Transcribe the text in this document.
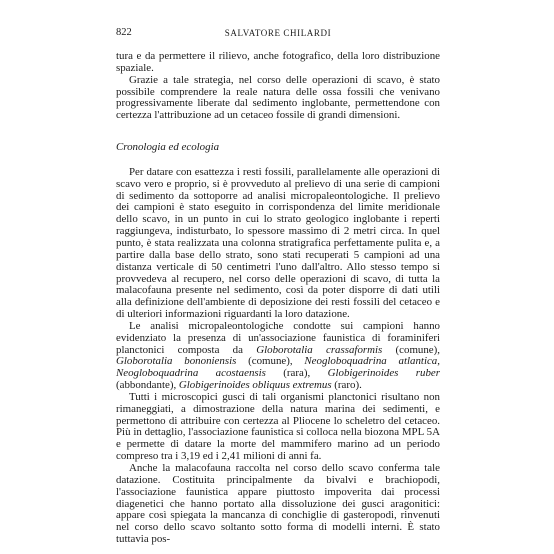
822	SALVATORE CHILARDI

tura e da permettere il rilievo, anche fotografico, della loro distribuzione spaziale.

Grazie a tale strategia, nel corso delle operazioni di scavo, è stato possibile comprendere la reale natura delle ossa fossili che venivano progressivamente liberate dal sedimento inglobante, permettendone con certezza l'attribuzione ad un cetaceo fossile di grandi dimensioni.

Cronologia ed ecologia

Per datare con esattezza i resti fossili, parallelamente alle operazioni di scavo vero e proprio, si è provveduto al prelievo di una serie di campioni di sedimento da sottoporre ad analisi micropaleontologiche. Il prelievo dei campioni è stato eseguito in corrispondenza del limite meridionale dello scavo, in un punto in cui lo strato geologico inglobante i reperti raggiungeva, indisturbato, lo spessore massimo di 2 metri circa. In quel punto, è stata realizzata una colonna stratigrafica perfettamente pulita e, a partire dalla base dello strato, sono stati recuperati 5 campioni ad una distanza verticale di 50 centimetri l'uno dall'altro. Allo stesso tempo si provvedeva al recupero, nel corso delle operazioni di scavo, di tutta la malacofauna presente nel sedimento, così da poter disporre di dati utili alla definizione dell'ambiente di deposizione dei resti fossili del cetaceo e di ulteriori informazioni riguardanti la loro datazione.

Le analisi micropaleontologiche condotte sui campioni hanno evidenziato la presenza di un'associazione faunistica di foraminiferi planctonici composta da Globorotalia crassaformis (comune), Globorotalia bononiensis (comune), Neogloboquadrina atlantica, Neogloboquadrina acostaensis (rara), Globigerinoides ruber (abbondante), Globigerinoides obliquus extremus (raro).

Tutti i microscopici gusci di tali organismi planctonici risultano non rimaneggiati, a dimostrazione della natura marina dei sedimenti, e permettono di attribuire con certezza al Pliocene lo scheletro del cetaceo. Più in dettaglio, l'associazione faunistica si colloca nella biozona MPL 5A e permette di datare la morte del mammifero marino ad un periodo compreso tra i 3,19 ed i 2,41 milioni di anni fa.

Anche la malacofauna raccolta nel corso dello scavo conferma tale datazione. Costituita principalmente da bivalvi e brachiopodi, l'associazione faunistica appare piuttosto impoverita dai processi diagenetici che hanno portato alla dissoluzione dei gusci aragonitici: appare così spiegata la mancanza di conchiglie di gasteropodi, rinvenuti nel corso dello scavo soltanto sotto forma di modelli interni. È stato tuttavia pos-
